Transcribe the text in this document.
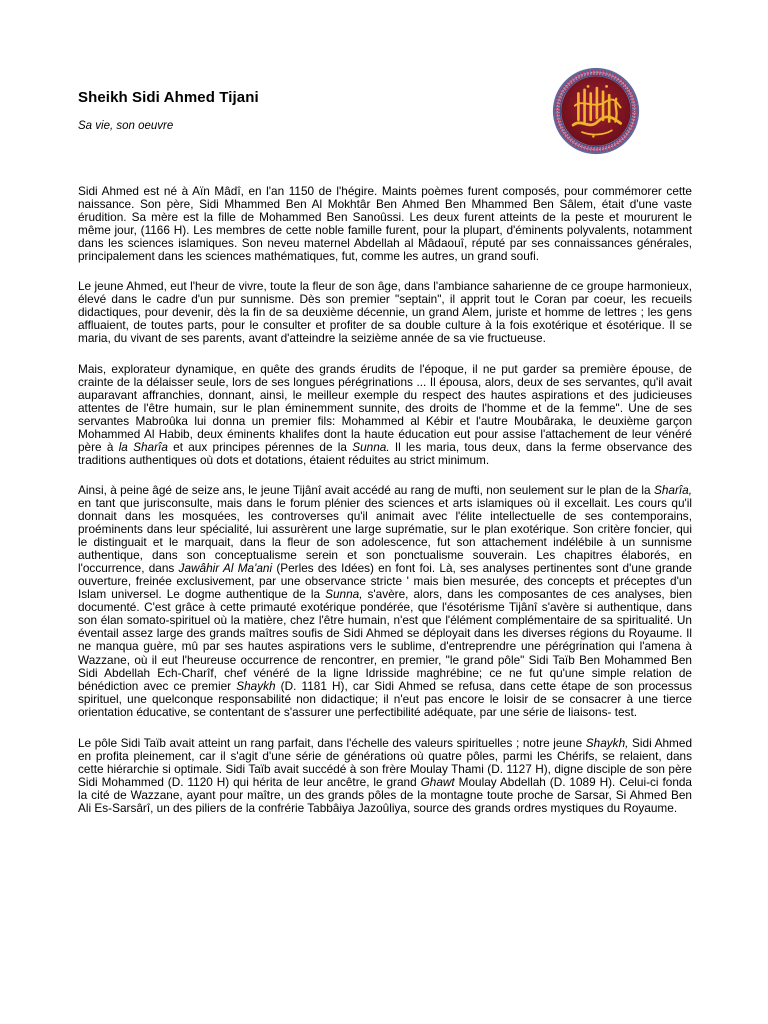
Sheikh Sidi Ahmed Tijani

Sa vie, son oeuvre

Sidi Ahmed est né à Aïn Mâdî, en l'an 1150 de l'hégire. Maints poèmes furent composés, pour commémorer cette naissance. Son père, Sidi Mhammed Ben Al Mokhtâr Ben Ahmed Ben Mhammed Ben Sâlem, était d'une vaste érudition. Sa mère est la fille de Mohammed Ben Sanoûssi. Les deux furent atteints de la peste et moururent le même jour, (1166 H). Les membres de cette noble famille furent, pour la plupart, d'éminents polyvalents, notamment dans les sciences islamiques. Son neveu maternel Abdellah al Mâdaouî, réputé par ses connaissances générales, principalement dans les sciences mathématiques, fut, comme les autres, un grand soufi.

Le jeune Ahmed, eut l'heur de vivre, toute la fleur de son âge, dans l'ambiance saharienne de ce groupe harmonieux, élevé dans le cadre d'un pur sunnisme. Dès son premier "septain", il apprit tout le Coran par coeur, les recueils didactiques, pour devenir, dès la fin de sa deuxième décennie, un grand Alem, juriste et homme de lettres ; les gens affluaient, de toutes parts, pour le consulter et profiter de sa double culture à la fois exotérique et ésotérique. Il se maria, du vivant de ses parents, avant d'atteindre la seizième année de sa vie fructueuse.

Mais, explorateur dynamique, en quête des grands érudits de l'époque, il ne put garder sa première épouse, de crainte de la délaisser seule, lors de ses longues pérégrinations ... Il épousa, alors, deux de ses servantes, qu'il avait auparavant affranchies, donnant, ainsi, le meilleur exemple du respect des hautes aspirations et des judicieuses attentes de l'être humain, sur le plan éminemment sunnite, des droits de l'homme et de la femme". Une de ses servantes Mabroûka lui donna un premier fils: Mohammed al Kébir et l'autre Moubâraka, le deuxième garçon Mohammed Al Habib, deux éminents khalifes dont la haute éducation eut pour assise l'attachement de leur vénéré père à la Sharîa et aux principes pérennes de la Sunna. Il les maria, tous deux, dans la ferme observance des traditions authentiques où dots et dotations, étaient réduites au strict minimum.

Ainsi, à peine âgé de seize ans, le jeune Tijânî avait accédé au rang de mufti, non seulement sur le plan de la Sharîa, en tant que jurisconsulte, mais dans le forum plénier des sciences et arts islamiques où il excellait. Les cours qu'il donnait dans les mosquées, les controverses qu'il animait avec l'élite intellectuelle de ses contemporains, proéminents dans leur spécialité, lui assurèrent une large suprématie, sur le plan exotérique. Son critère foncier, qui le distinguait et le marquait, dans la fleur de son adolescence, fut son attachement indélébile à un sunnisme authentique, dans son conceptualisme serein et son ponctualisme souverain. Les chapitres élaborés, en l'occurrence, dans Jawâhir Al Ma'ani (Perles des Idées) en font foi. Là, ses analyses pertinentes sont d'une grande ouverture, freinée exclusivement, par une observance stricte ' mais bien mesurée, des concepts et préceptes d'un Islam universel. Le dogme authentique de la Sunna, s'avère, alors, dans les composantes de ces analyses, bien documenté. C'est grâce à cette primauté exotérique pondérée, que l'ésotérisme Tijânî s'avère si authentique, dans son élan somato-spirituel où la matière, chez l'être humain, n'est que l'élément complémentaire de sa spiritualité. Un éventail assez large des grands maîtres soufis de Sidi Ahmed se déployait dans les diverses régions du Royaume. Il ne manqua guère, mû par ses hautes aspirations vers le sublime, d'entreprendre une pérégrination qui l'amena à Wazzane, où il eut l'heureuse occurrence de rencontrer, en premier, "le grand pôle" Sidi Taïb Ben Mohammed Ben Sidi Abdellah Ech-Charîf, chef vénéré de la ligne Idrisside maghrébine; ce ne fut qu'une simple relation de bénédiction avec ce premier Shaykh (D. 1181 H), car Sidi Ahmed se refusa, dans cette étape de son processus spirituel, une quelconque responsabilité non didactique; il n'eut pas encore le loisir de se consacrer à une tierce orientation éducative, se contentant de s'assurer une perfectibilité adéquate, par une série de liaisons- test.

Le pôle Sidi Taïb avait atteint un rang parfait, dans l'échelle des valeurs spirituelles ; notre jeune Shaykh, Sidi Ahmed en profita pleinement, car il s'agit d'une série de générations où quatre pôles, parmi les Chérifs, se relaient, dans cette hiérarchie si optimale. Sidi Taïb avait succédé à son frère Moulay Thami (D. 1127 H), digne disciple de son père Sidi Mohammed (D. 1120 H) qui hérita de leur ancêtre, le grand Ghawt Moulay Abdellah (D. 1089 H). Celui-ci fonda la cité de Wazzane, ayant pour maître, un des grands pôles de la montagne toute proche de Sarsar, Si Ahmed Ben Ali Es-Sarsârî, un des piliers de la confrérie Tabbâiya Jazoûliya, source des grands ordres mystiques du Royaume.
